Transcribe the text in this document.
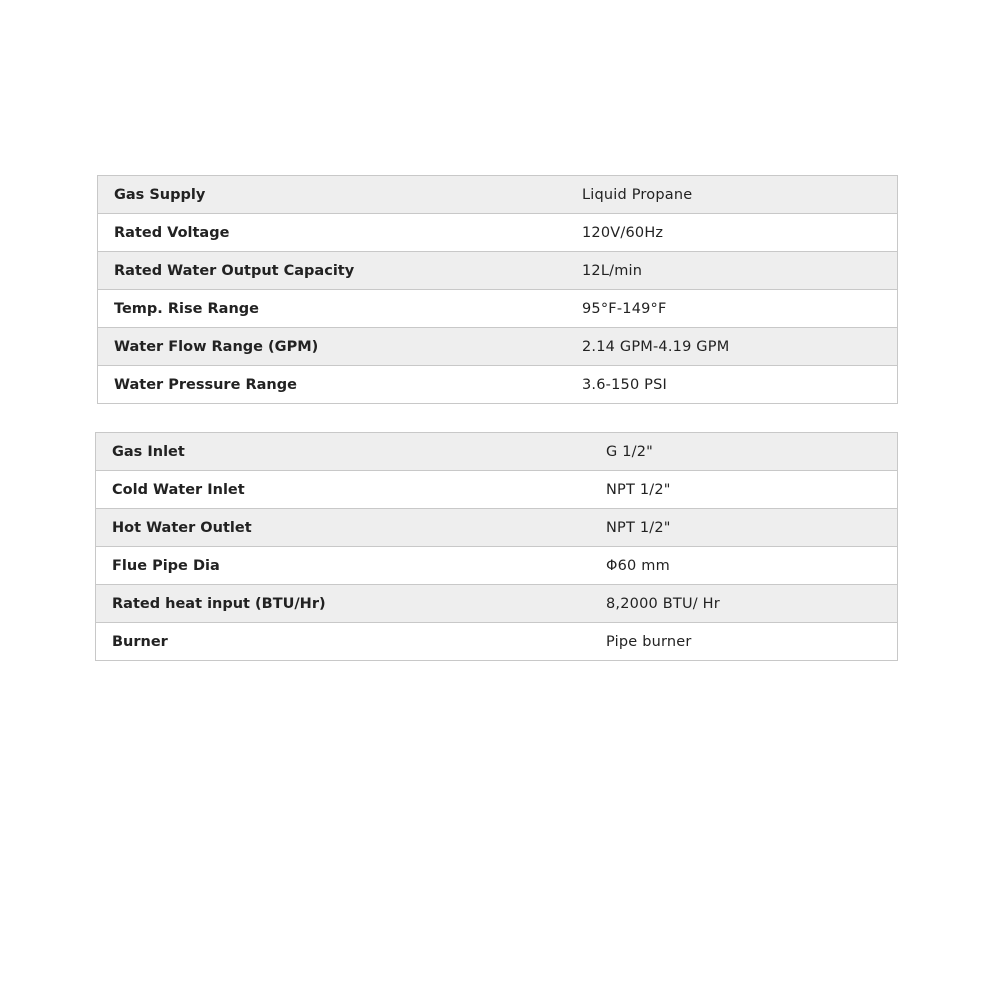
Gas Supply	Liquid Propane
Rated Voltage	120V/60Hz
Rated Water Output Capacity	12L/min
Temp. Rise Range	95°F-149°F
Water Flow Range (GPM)	2.14 GPM-4.19 GPM
Water Pressure Range	3.6-150 PSI
Gas Inlet	G 1/2"
Cold Water Inlet	NPT 1/2"
Hot Water Outlet	NPT 1/2"
Flue Pipe Dia	Φ60 mm
Rated heat input (BTU/Hr)	8,2000 BTU/ Hr
Burner	Pipe burner
